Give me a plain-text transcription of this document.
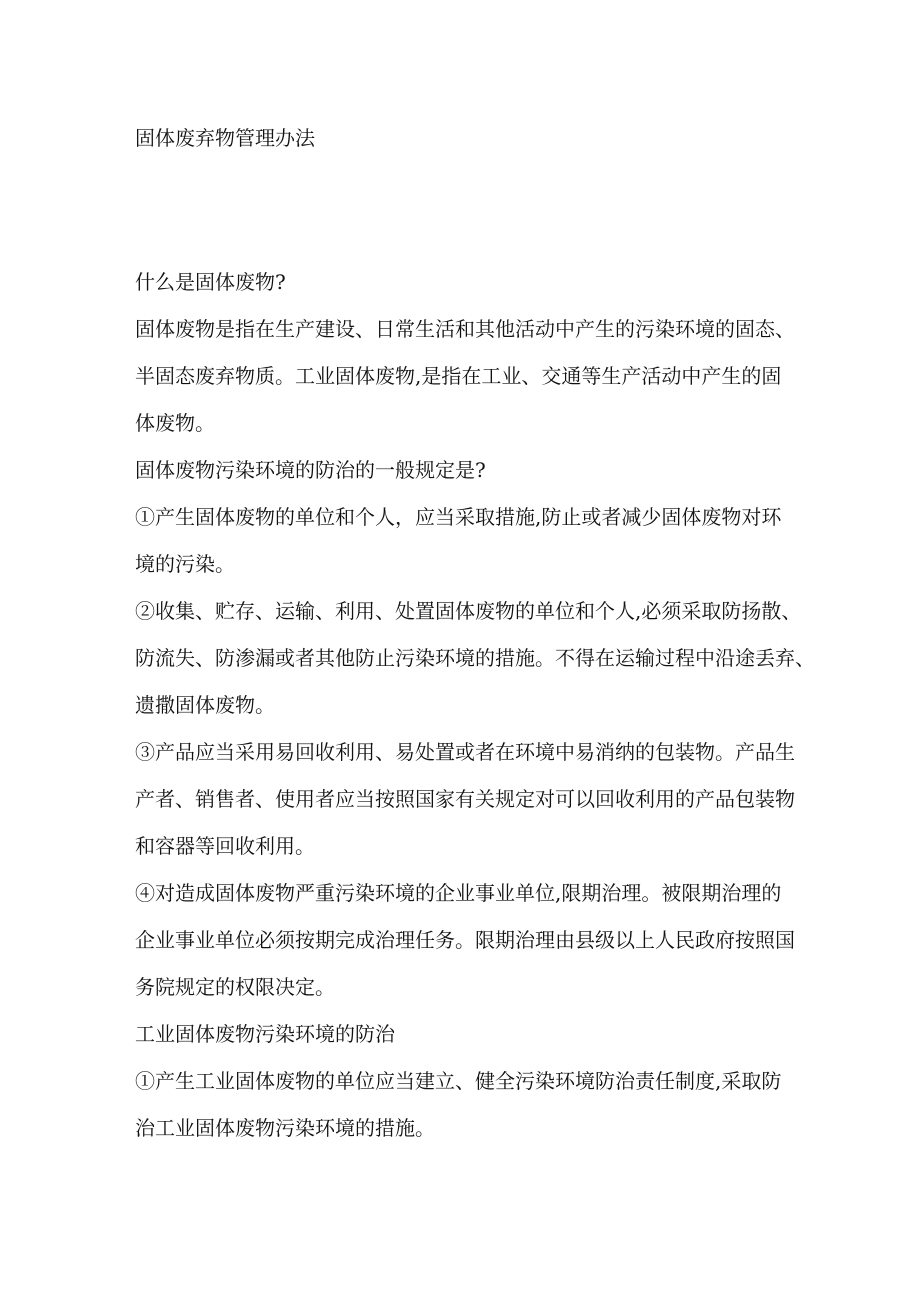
固体废弃物管理办法
什么是固体废物?
固体废物是指在生产建设、日常生活和其他活动中产生的污染环境的固态、
半固态废弃物质。工业固体废物,是指在工业、交通等生产活动中产生的固
体废物。
固体废物污染环境的防治的一般规定是?
①产生固体废物的单位和个人，应当采取措施,防止或者减少固体废物对环
境的污染。
②收集、贮存、运输、利用、处置固体废物的单位和个人,必须采取防扬散、
防流失、防渗漏或者其他防止污染环境的措施。不得在运输过程中沿途丢弃、
遗撒固体废物。
③产品应当采用易回收利用、易处置或者在环境中易消纳的包装物。产品生
产者、销售者、使用者应当按照国家有关规定对可以回收利用的产品包装物
和容器等回收利用。
④对造成固体废物严重污染环境的企业事业单位,限期治理。被限期治理的
企业事业单位必须按期完成治理任务。限期治理由县级以上人民政府按照国
务院规定的权限决定。
工业固体废物污染环境的防治
①产生工业固体废物的单位应当建立、健全污染环境防治责任制度,采取防
治工业固体废物污染环境的措施。
